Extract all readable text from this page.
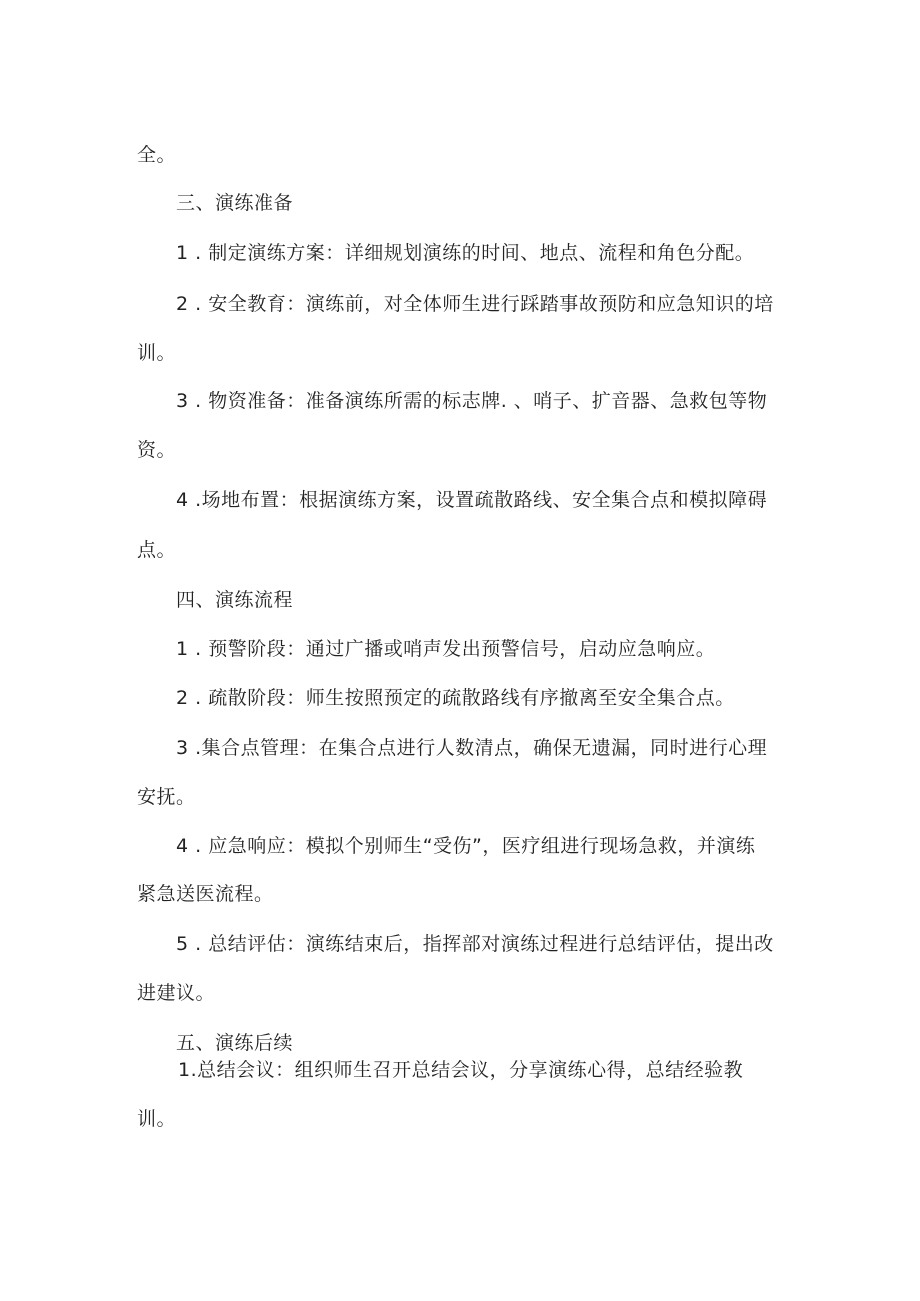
全。
三、演练准备
1 . 制定演练方案：详细规划演练的时间、地点、流程和角色分配。
2 . 安全教育：演练前，对全体师生进行踩踏事故预防和应急知识的培
训。
3 . 物资准备：准备演练所需的标志牌. 、哨子、扩音器、急救包等物
资。
4 .场地布置：根据演练方案，设置疏散路线、安全集合点和模拟障碍
点。
四、演练流程
1 . 预警阶段：通过广播或哨声发出预警信号，启动应急响应。
2 . 疏散阶段：师生按照预定的疏散路线有序撤离至安全集合点。
3 .集合点管理：在集合点进行人数清点，确保无遗漏，同时进行心理
安抚。
4 . 应急响应：模拟个别师生“受伤”，医疗组进行现场急救，并演练
紧急送医流程。
5 . 总结评估：演练结束后，指挥部对演练过程进行总结评估，提出改
进建议。
五、演练后续
1.总结会议：组织师生召开总结会议，分享演练心得，总结经验教
训。
